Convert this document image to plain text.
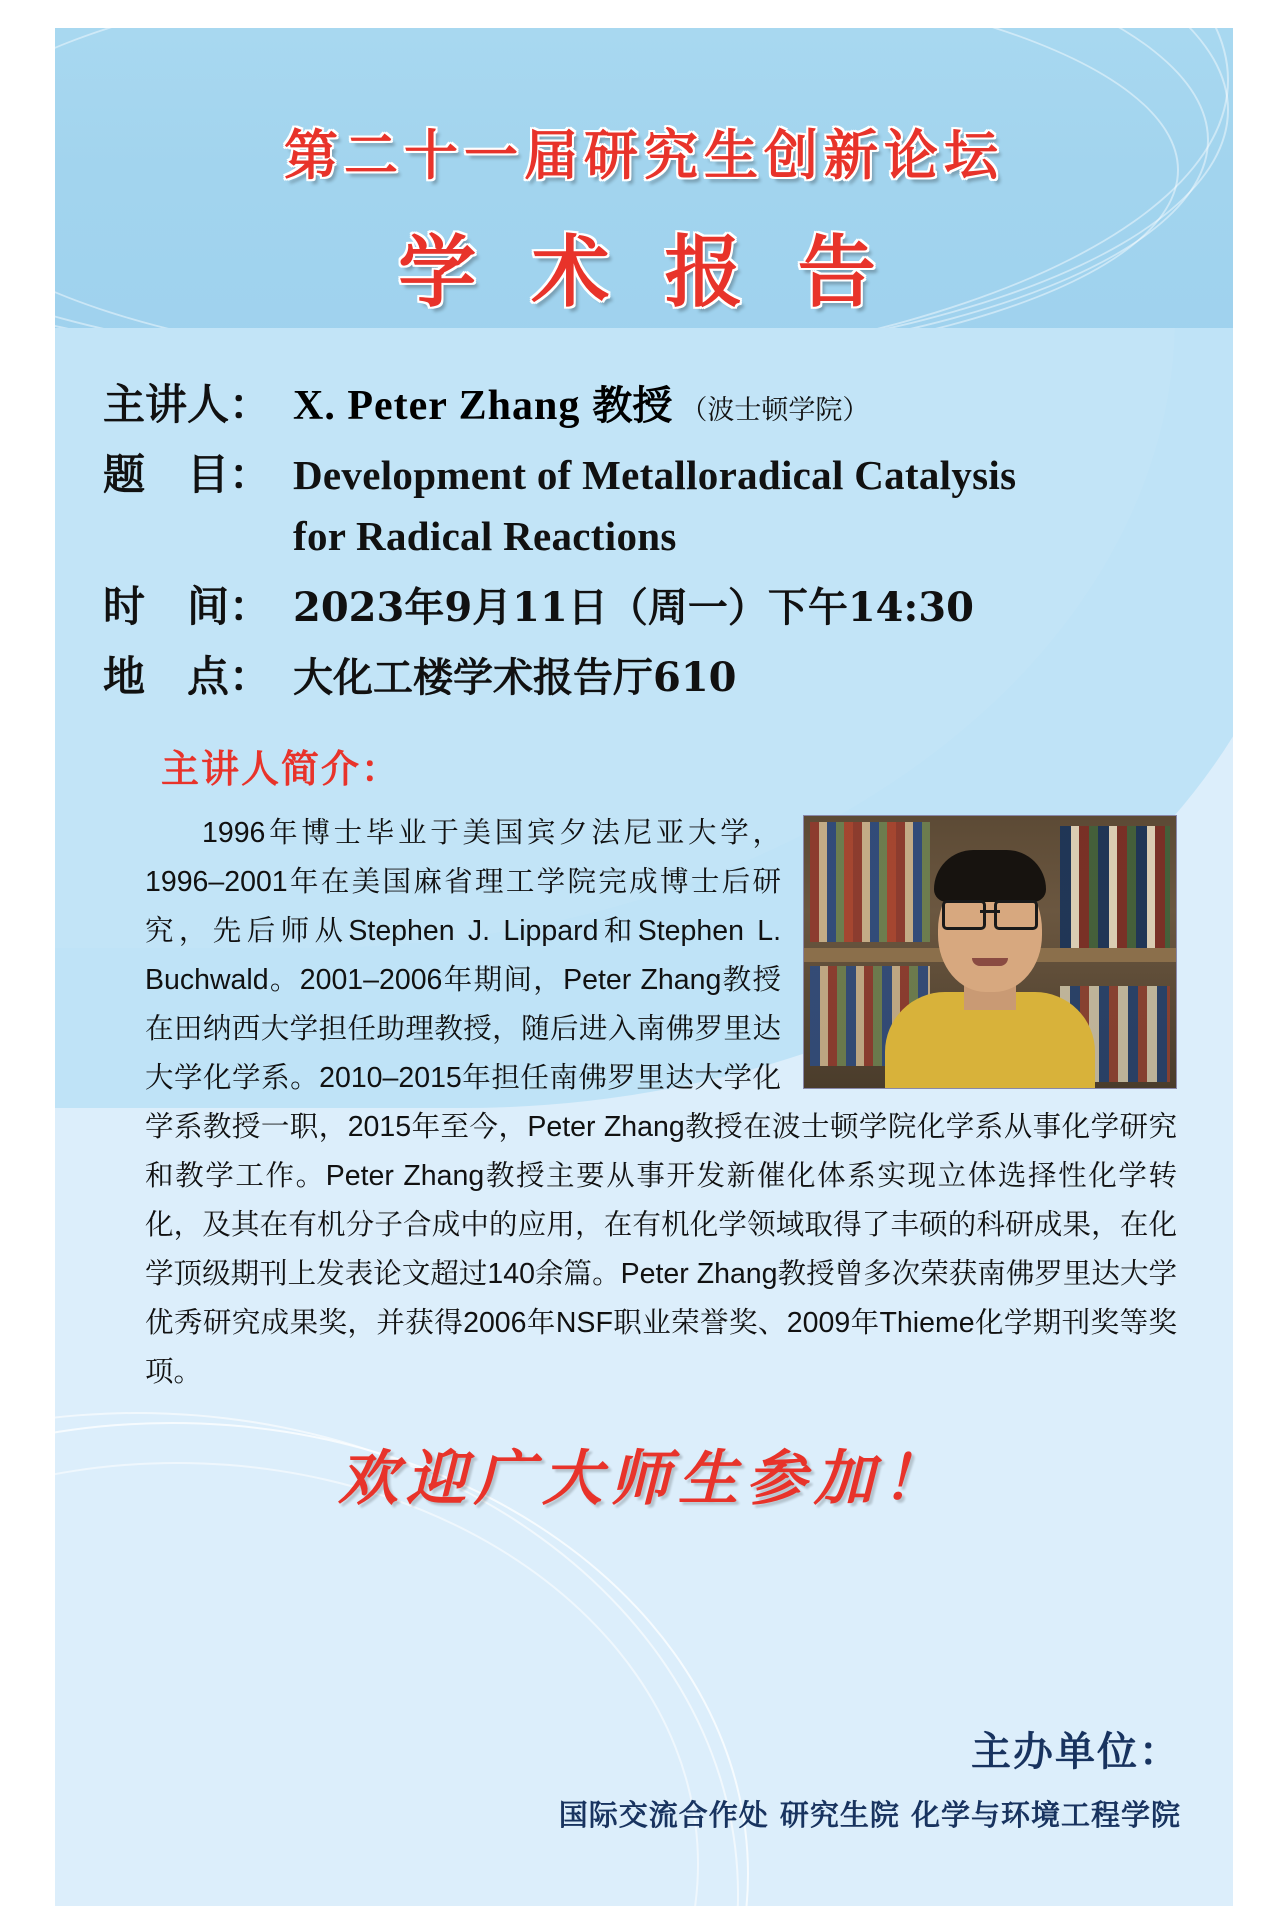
第二十一届研究生创新论坛
学 术 报 告
主讲人： X. Peter Zhang 教授 （波士顿学院）
题　目： Development of Metalloradical Catalysis
for Radical Reactions
时　间： 2023年9月11日（周一）下午14:30
地　点： 大化工楼学术报告厅610
主讲人简介：
1996年博士毕业于美国宾夕法尼亚大学，1996–2001年在美国麻省理工学院完成博士后研究，先后师从Stephen J. Lippard和Stephen L. Buchwald。2001–2006年期间，Peter Zhang教授在田纳西大学担任助理教授，随后进入南佛罗里达大学化学系。2010–2015年担任南佛罗里达大学化学系教授一职，2015年至今，Peter Zhang教授在波士顿学院化学系从事化学研究和教学工作。Peter Zhang教授主要从事开发新催化体系实现立体选择性化学转化，及其在有机分子合成中的应用，在有机化学领域取得了丰硕的科研成果，在化学顶级期刊上发表论文超过140余篇。Peter Zhang教授曾多次荣获南佛罗里达大学优秀研究成果奖，并获得2006年NSF职业荣誉奖、2009年Thieme化学期刊奖等奖项。
欢迎广大师生参加！
主办单位：
国际交流合作处 研究生院 化学与环境工程学院
